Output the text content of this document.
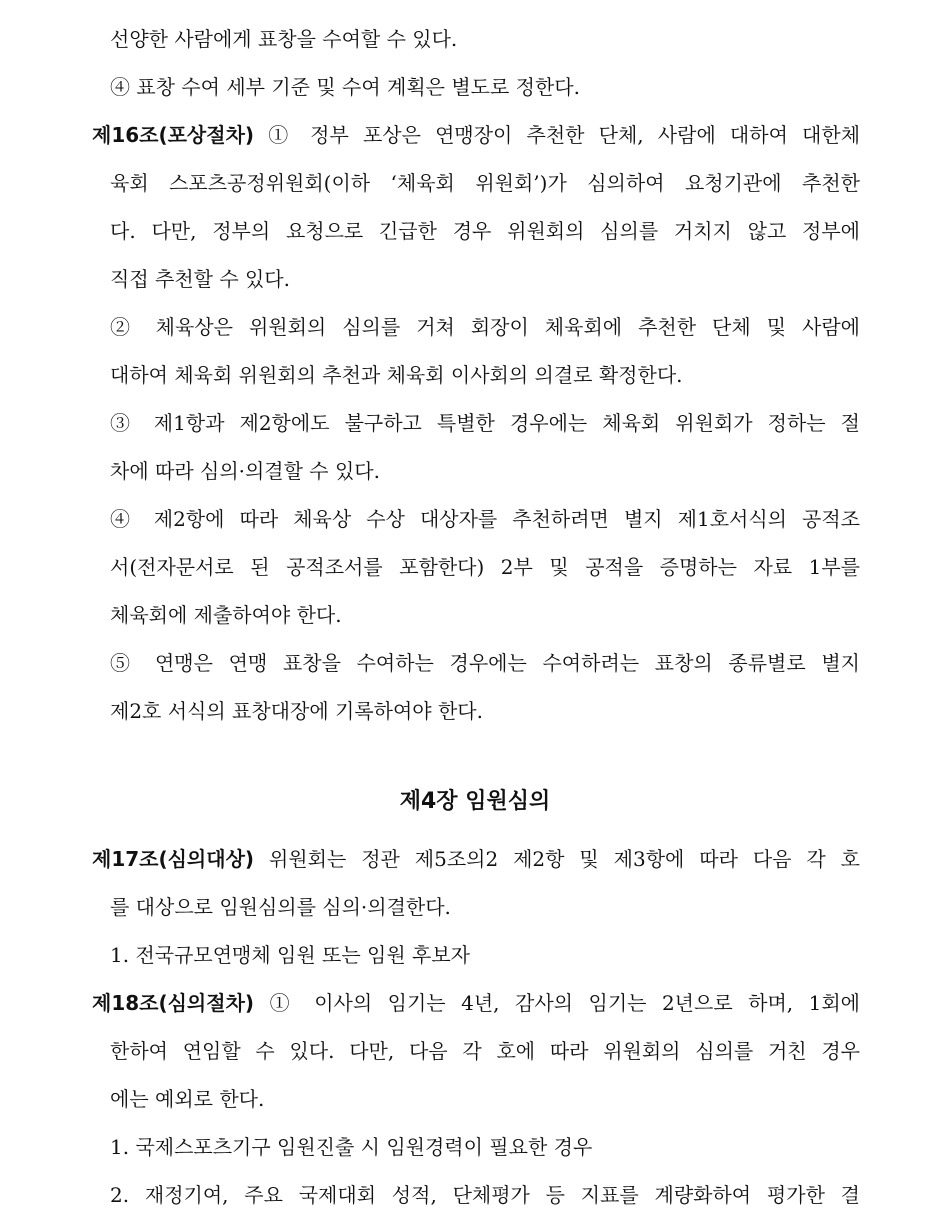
선양한 사람에게 표창을 수여할 수 있다.
④ 표창 수여 세부 기준 및 수여 계획은 별도로 정한다.
제16조(포상절차) ① 정부 포상은 연맹장이 추천한 단체, 사람에 대하여 대한체
육회 스포츠공정위원회(이하 ‘체육회 위원회’)가 심의하여 요청기관에 추천한
다. 다만, 정부의 요청으로 긴급한 경우 위원회의 심의를 거치지 않고 정부에
직접 추천할 수 있다.
② 체육상은 위원회의 심의를 거쳐 회장이 체육회에 추천한 단체 및 사람에
대하여 체육회 위원회의 추천과 체육회 이사회의 의결로 확정한다.
③ 제1항과 제2항에도 불구하고 특별한 경우에는 체육회 위원회가 정하는 절
차에 따라 심의·의결할 수 있다.
④ 제2항에 따라 체육상 수상 대상자를 추천하려면 별지 제1호서식의 공적조
서(전자문서로 된 공적조서를 포함한다) 2부 및 공적을 증명하는 자료 1부를
체육회에 제출하여야 한다.
⑤ 연맹은 연맹 표창을 수여하는 경우에는 수여하려는 표창의 종류별로 별지
제2호 서식의 표창대장에 기록하여야 한다.
제4장 임원심의
제17조(심의대상) 위원회는 정관 제5조의2 제2항 및 제3항에 따라 다음 각 호
를 대상으로 임원심의를 심의·의결한다.
1. 전국규모연맹체 임원 또는 임원 후보자
제18조(심의절차) ① 이사의 임기는 4년, 감사의 임기는 2년으로 하며, 1회에
한하여 연임할 수 있다. 다만, 다음 각 호에 따라 위원회의 심의를 거친 경우
에는 예외로 한다.
1. 국제스포츠기구 임원진출 시 임원경력이 필요한 경우
2. 재정기여, 주요 국제대회 성적, 단체평가 등 지표를 계량화하여 평가한 결
